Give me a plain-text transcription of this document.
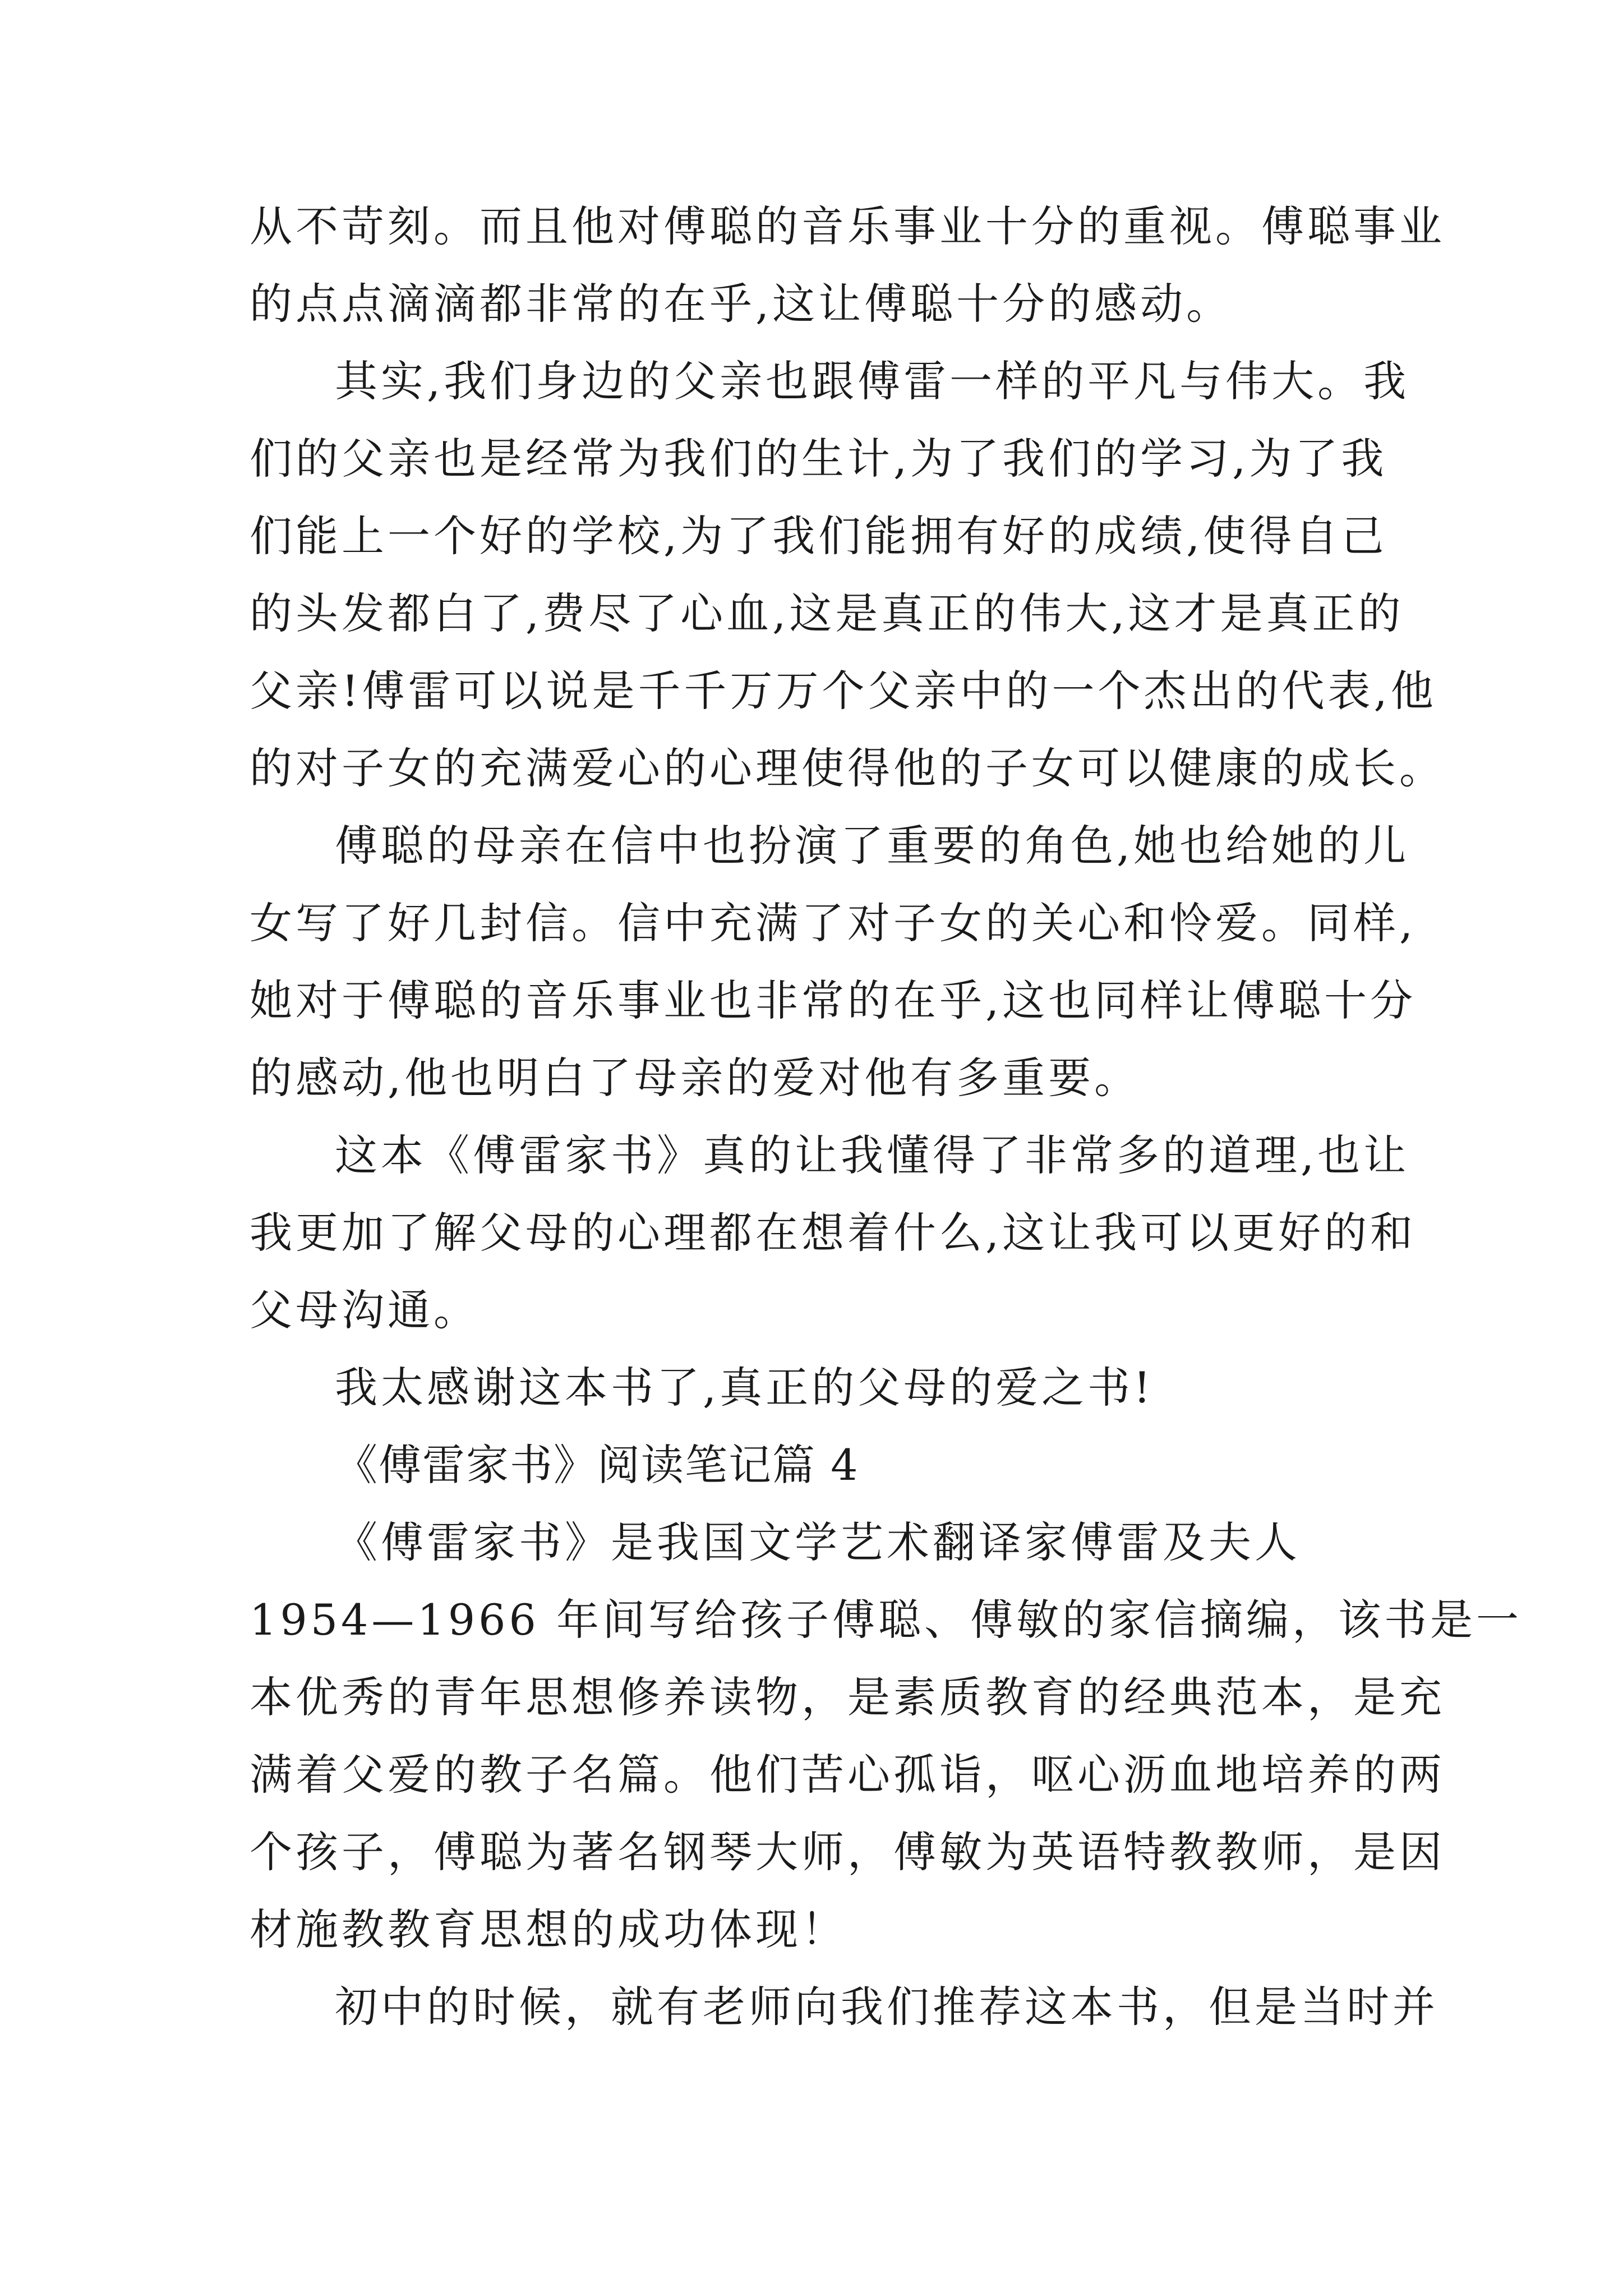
从不苛刻。而且他对傅聪的音乐事业十分的重视。傅聪事业
的点点滴滴都非常的在乎,这让傅聪十分的感动。
其实,我们身边的父亲也跟傅雷一样的平凡与伟大。我
们的父亲也是经常为我们的生计,为了我们的学习,为了我
们能上一个好的学校,为了我们能拥有好的成绩,使得自己
的头发都白了,费尽了心血,这是真正的伟大,这才是真正的
父亲!傅雷可以说是千千万万个父亲中的一个杰出的代表,他
的对子女的充满爱心的心理使得他的子女可以健康的成长。
傅聪的母亲在信中也扮演了重要的角色,她也给她的儿
女写了好几封信。信中充满了对子女的关心和怜爱。同样,
她对于傅聪的音乐事业也非常的在乎,这也同样让傅聪十分
的感动,他也明白了母亲的爱对他有多重要。
这本《傅雷家书》真的让我懂得了非常多的道理,也让
我更加了解父母的心理都在想着什么,这让我可以更好的和
父母沟通。
我太感谢这本书了,真正的父母的爱之书!
《傅雷家书》阅读笔记篇 4
《傅雷家书》是我国文学艺术翻译家傅雷及夫人
1954—1966 年间写给孩子傅聪、傅敏的家信摘编，该书是一
本优秀的青年思想修养读物，是素质教育的经典范本，是充
满着父爱的教子名篇。他们苦心孤诣，呕心沥血地培养的两
个孩子，傅聪为著名钢琴大师，傅敏为英语特教教师，是因
材施教教育思想的成功体现！
初中的时候，就有老师向我们推荐这本书，但是当时并
